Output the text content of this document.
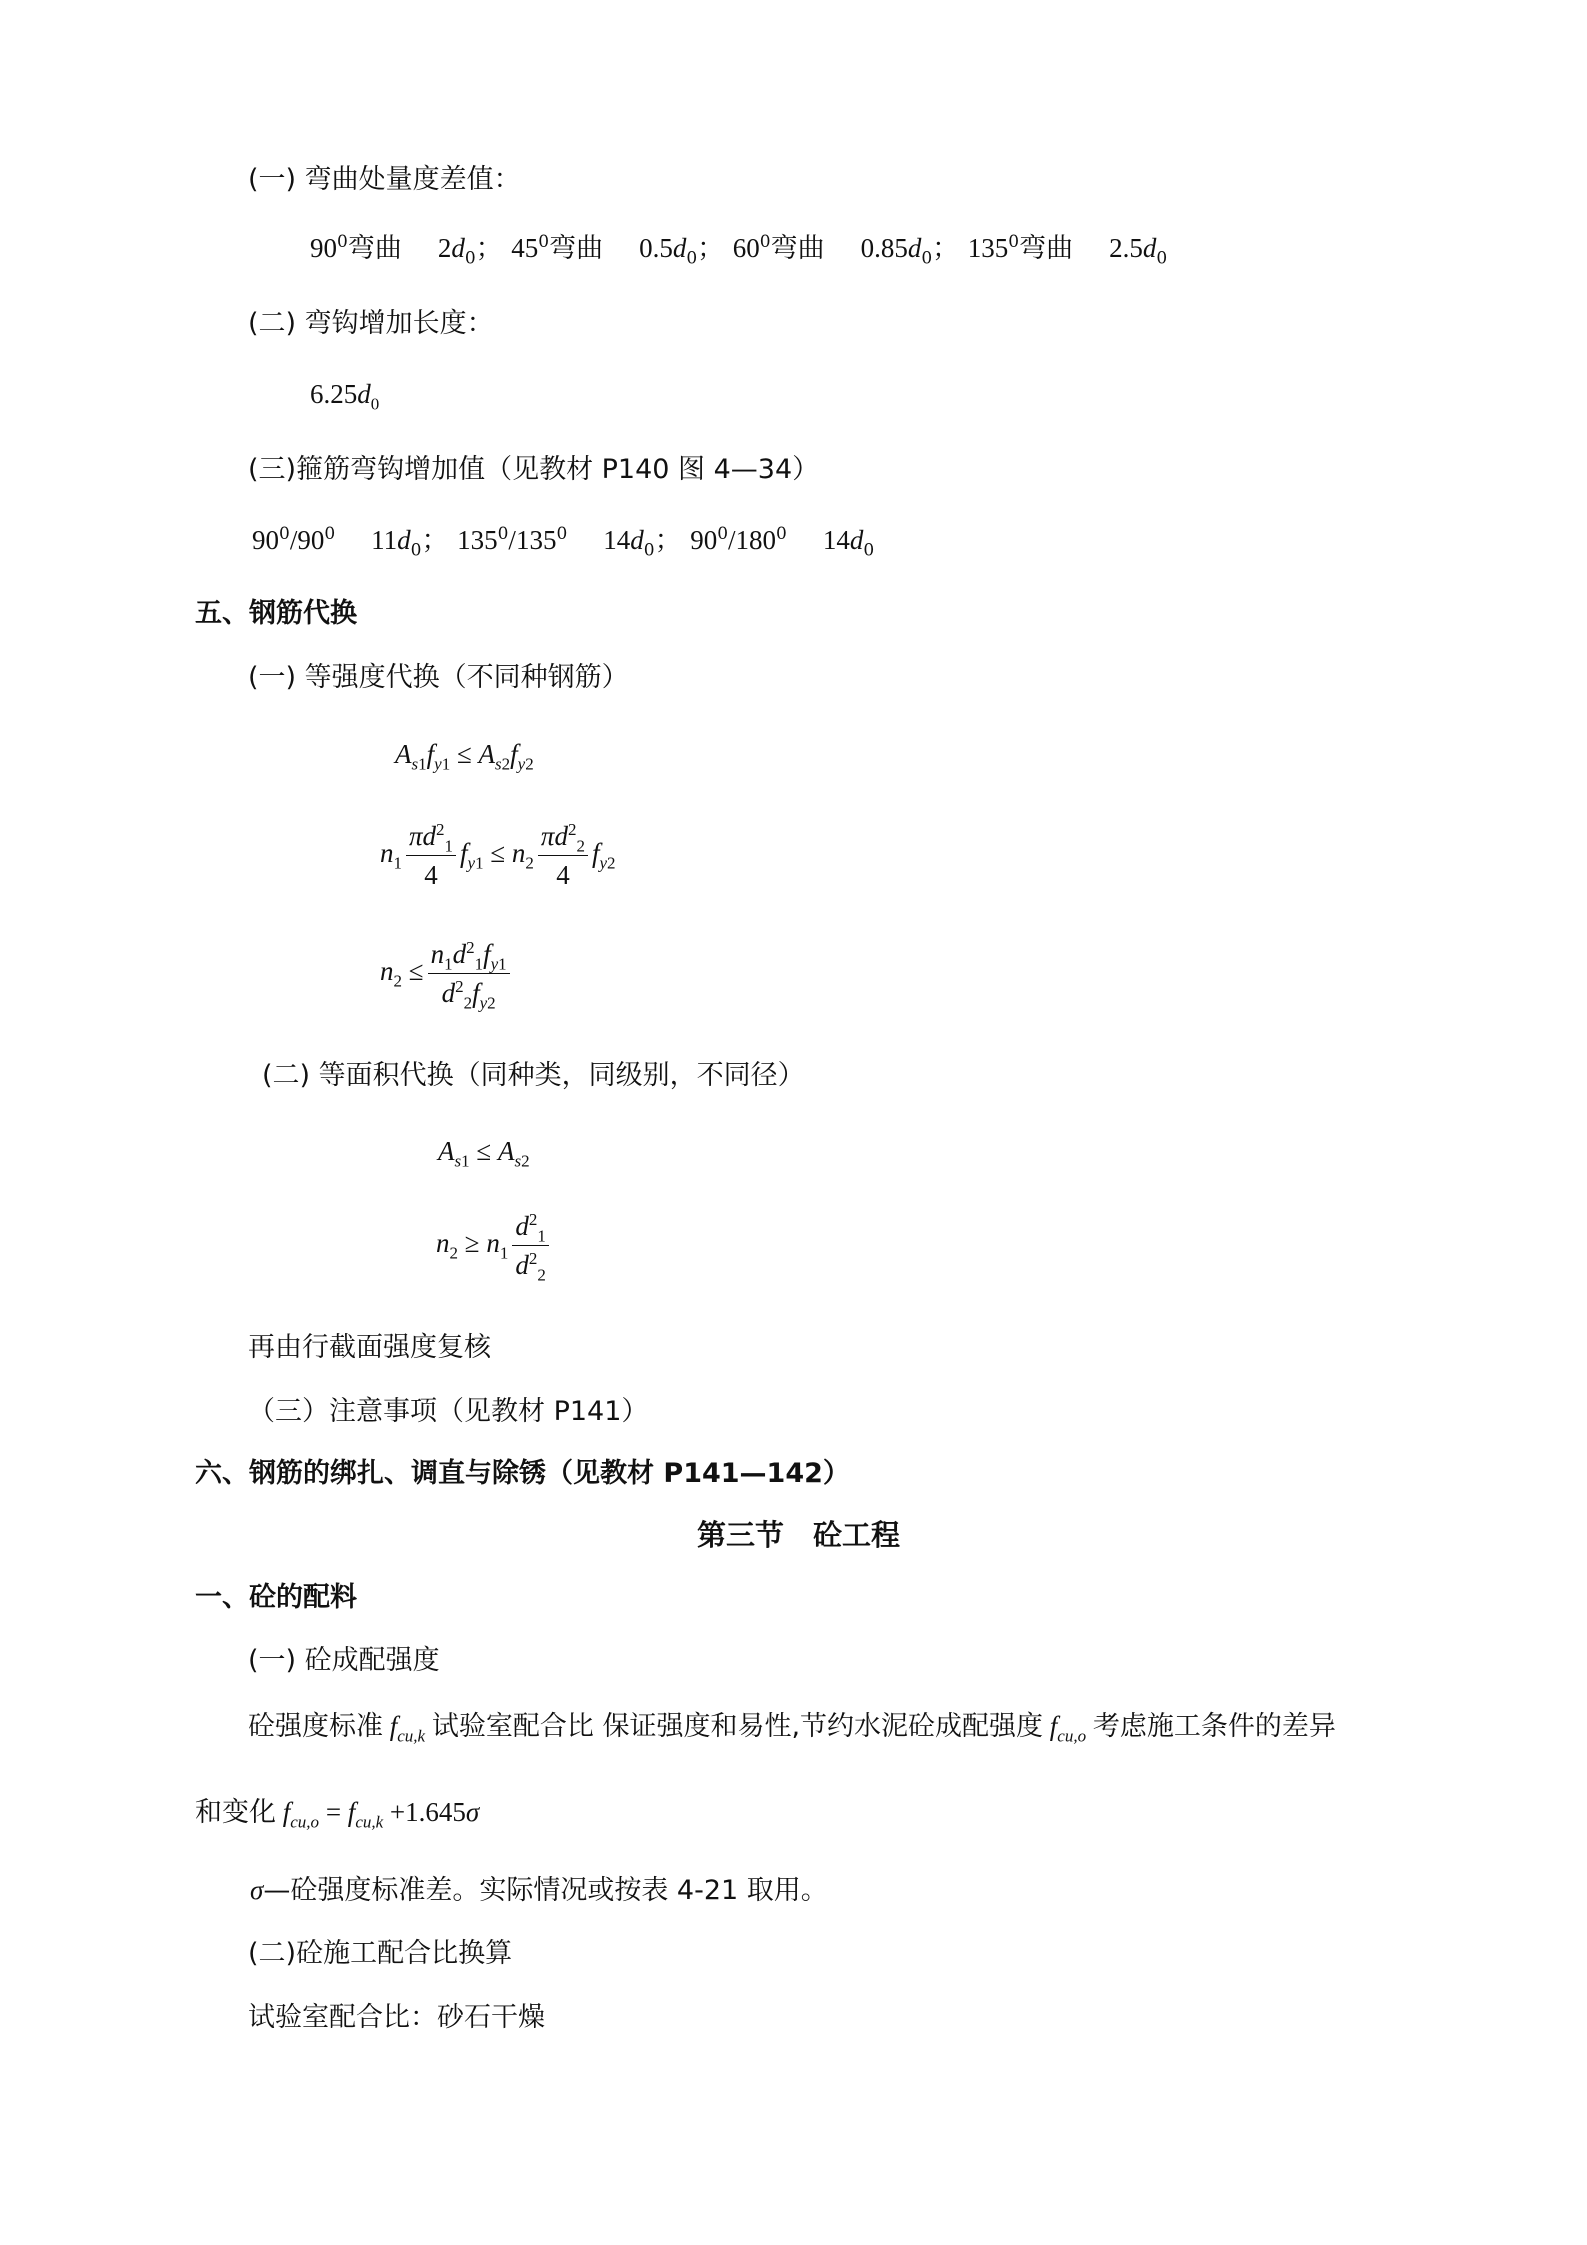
(一) 弯曲处量度差值：
$90^0$弯曲 $2d_0$； $45^0$弯曲 $0.5d_0$； $60^0$弯曲 $0.85d_0$； $135^0$弯曲 $2.5d_0$
(二) 弯钩增加长度：
$6.25d_0$
(三)箍筋弯钩增加值（见教材 P140 图 4—34）
$90^0/90^0$ $11d_0$； $135^0/135^0$ $14d_0$； $90^0/180^0$ $14d_0$
五、钢筋代换
(一) 等强度代换（不同种钢筋）
$A_{s1}f_{y1} \le A_{s2}f_{y2}$
$n_1 \frac{\pi d^2_1}{4} f_{y1} \le n_2 \frac{\pi d^2_2}{4} f_{y2}$
$n_2 \le \frac{n_1d^2_1f_{y1}}{d^2_2f_{y2}}$
(二) 等面积代换（同种类，同级别，不同径）
$A_{s1} \le A_{s2}$
$n_2 \ge n_1 \frac{d^2_1}{d^2_2}$
再由行截面强度复核
（三）注意事项（见教材 P141）
六、钢筋的绑扎、调直与除锈（见教材 P141—142）
第三节　砼工程
一、砼的配料
(一) 砼成配强度
砼强度标准 $f_{cu,k}$ 试验室配合比 保证强度和易性,节约水泥砼成配强度 $f_{cu,o}$ 考虑施工条件的差异
和变化 $f_{cu,o} = f_{cu,k} +1.645\sigma$
σ—砼强度标准差。实际情况或按表 4-21 取用。
(二)砼施工配合比换算
试验室配合比：砂石干燥
